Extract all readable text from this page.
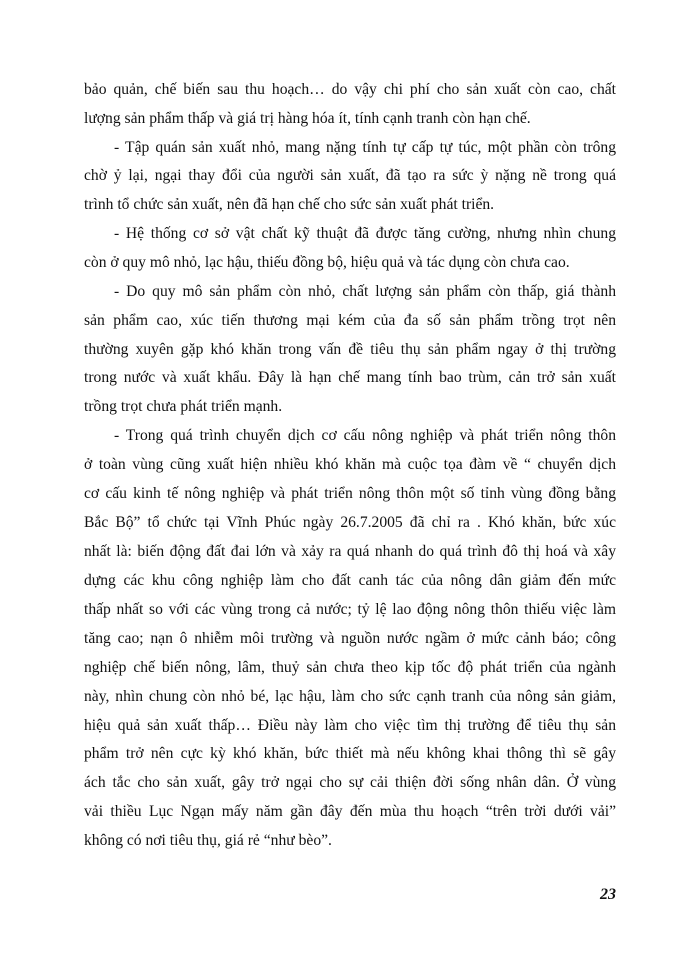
bảo quản, chế biến sau thu hoạch… do vậy chi phí cho sản xuất còn cao, chất
lượng sản phẩm thấp và giá trị hàng hóa ít, tính cạnh tranh còn hạn chế.
- Tập quán sản xuất nhỏ, mang nặng tính tự cấp tự túc, một phần còn trông
chờ ỷ lại, ngại thay đổi của người sản xuất, đã tạo ra sức ỳ nặng nề trong quá
trình tổ chức sản xuất, nên đã hạn chế cho sức sản xuất phát triển.
- Hệ thống cơ sở vật chất kỹ thuật đã được tăng cường, nhưng nhìn chung
còn ở quy mô nhỏ, lạc hậu, thiếu đồng bộ, hiệu quả và tác dụng còn chưa cao.
- Do quy mô sản phẩm còn nhỏ, chất lượng sản phẩm còn thấp, giá thành
sản phẩm cao, xúc tiến thương mại kém của đa số sản phẩm trồng trọt nên
thường xuyên gặp khó khăn trong vấn đề tiêu thụ sản phẩm ngay ở thị trường
trong nước và xuất khẩu. Đây là hạn chế mang tính bao trùm, cản trở sản xuất
trồng trọt chưa phát triển mạnh.
- Trong quá trình chuyển dịch cơ cấu nông nghiệp và phát triển nông thôn
ở toàn vùng cũng xuất hiện nhiều khó khăn mà cuộc tọa đàm về “ chuyển dịch
cơ cấu kinh tế nông nghiệp và phát triển nông thôn một số tỉnh vùng đồng bằng
Bắc Bộ” tổ chức tại Vĩnh Phúc ngày 26.7.2005 đã chỉ ra . Khó khăn, bức xúc
nhất là: biến động đất đai lớn và xảy ra quá nhanh do quá trình đô thị hoá và xây
dựng các khu công nghiệp làm cho đất canh tác của nông dân giảm đến mức
thấp nhất so với các vùng trong cả nước; tỷ lệ lao động nông thôn thiếu việc làm
tăng cao; nạn ô nhiễm môi trường và nguồn nước ngầm ở mức cảnh báo; công
nghiệp chế biến nông, lâm, thuỷ sản chưa theo kịp tốc độ phát triển của ngành
này, nhìn chung còn nhỏ bé, lạc hậu, làm cho sức cạnh tranh của nông sản giảm,
hiệu quả sản xuất thấp… Điều này làm cho việc tìm thị trường để tiêu thụ sản
phẩm trở nên cực kỳ khó khăn, bức thiết mà nếu không khai thông thì sẽ gây
ách tắc cho sản xuất, gây trở ngại cho sự cải thiện đời sống nhân dân. Ở vùng
vải thiều Lục Ngạn mấy năm gần đây đến mùa thu hoạch “trên trời dưới vải”
không có nơi tiêu thụ, giá rẻ “như bèo”.
23
